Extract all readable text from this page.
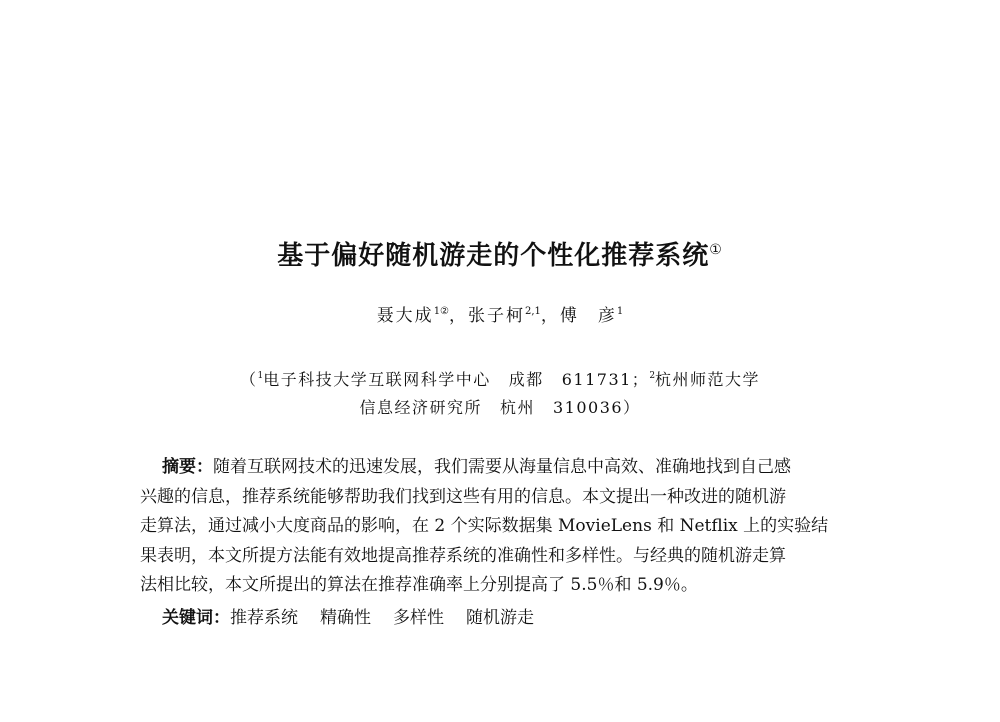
基于偏好随机游走的个性化推荐系统①
聂大成$^{1②}$，张子柯$^{2,1}$，傅　彦$^1$
（$^1$电子科技大学互联网科学中心 成都 611731；$^2$杭州师范大学
信息经济研究所 杭州 310036）
摘要：随着互联网技术的迅速发展，我们需要从海量信息中高效、准确地找到自己感
兴趣的信息，推荐系统能够帮助我们找到这些有用的信息。本文提出一种改进的随机游
走算法，通过减小大度商品的影响，在 2 个实际数据集 MovieLens 和 Netflix 上的实验结
果表明，本文所提方法能有效地提高推荐系统的准确性和多样性。与经典的随机游走算
法相比较，本文所提出的算法在推荐准确率上分别提高了 5.5％和 5.9％。
关键词：推荐系统 精确性 多样性 随机游走
